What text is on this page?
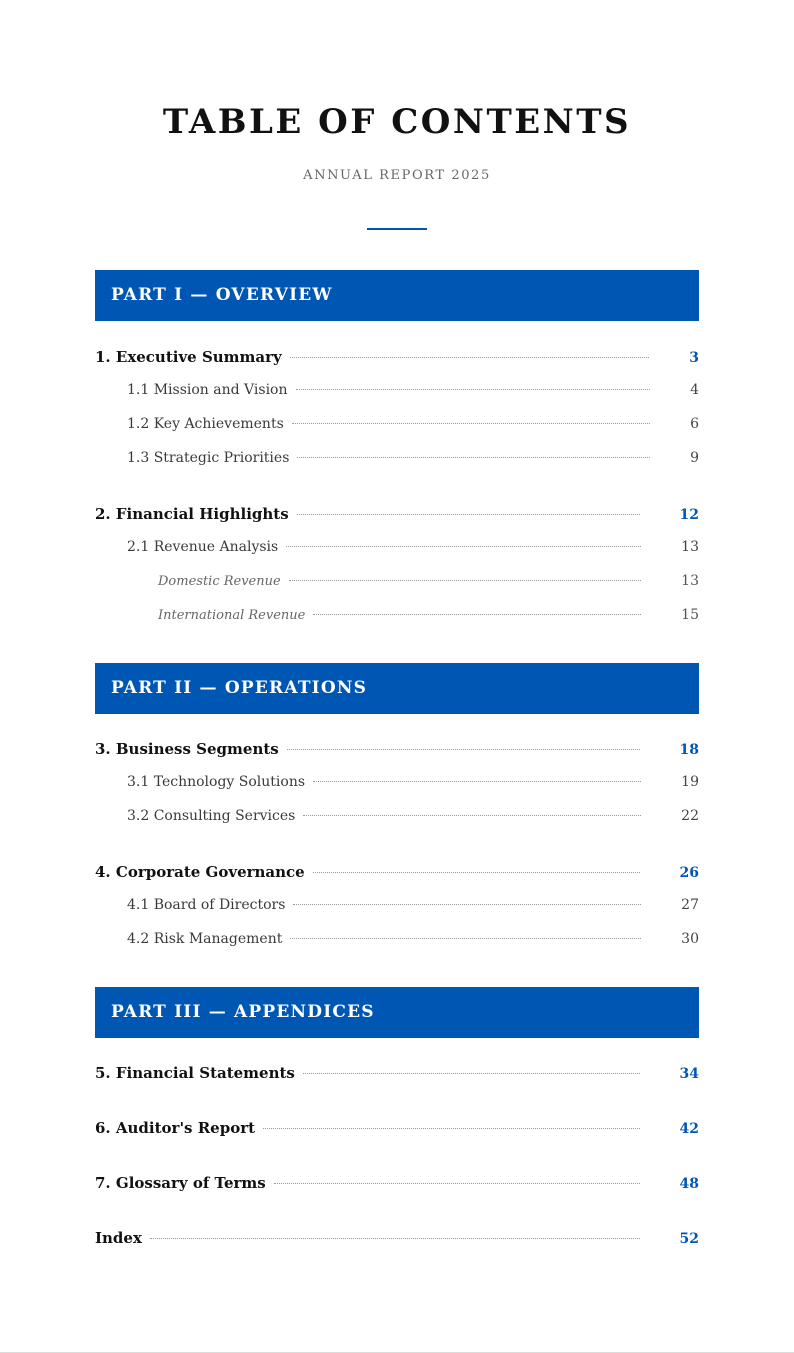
TABLE OF CONTENTS
ANNUAL REPORT 2025
PART I — OVERVIEW
1. Executive Summary	3
1.1 Mission and Vision	4
1.2 Key Achievements	6
1.3 Strategic Priorities	9
2. Financial Highlights	12
2.1 Revenue Analysis	13
Domestic Revenue	13
International Revenue	15
PART II — OPERATIONS
3. Business Segments	18
3.1 Technology Solutions	19
3.2 Consulting Services	22
4. Corporate Governance	26
4.1 Board of Directors	27
4.2 Risk Management	30
PART III — APPENDICES
5. Financial Statements	34
6. Auditor's Report	42
7. Glossary of Terms	48
Index	52
